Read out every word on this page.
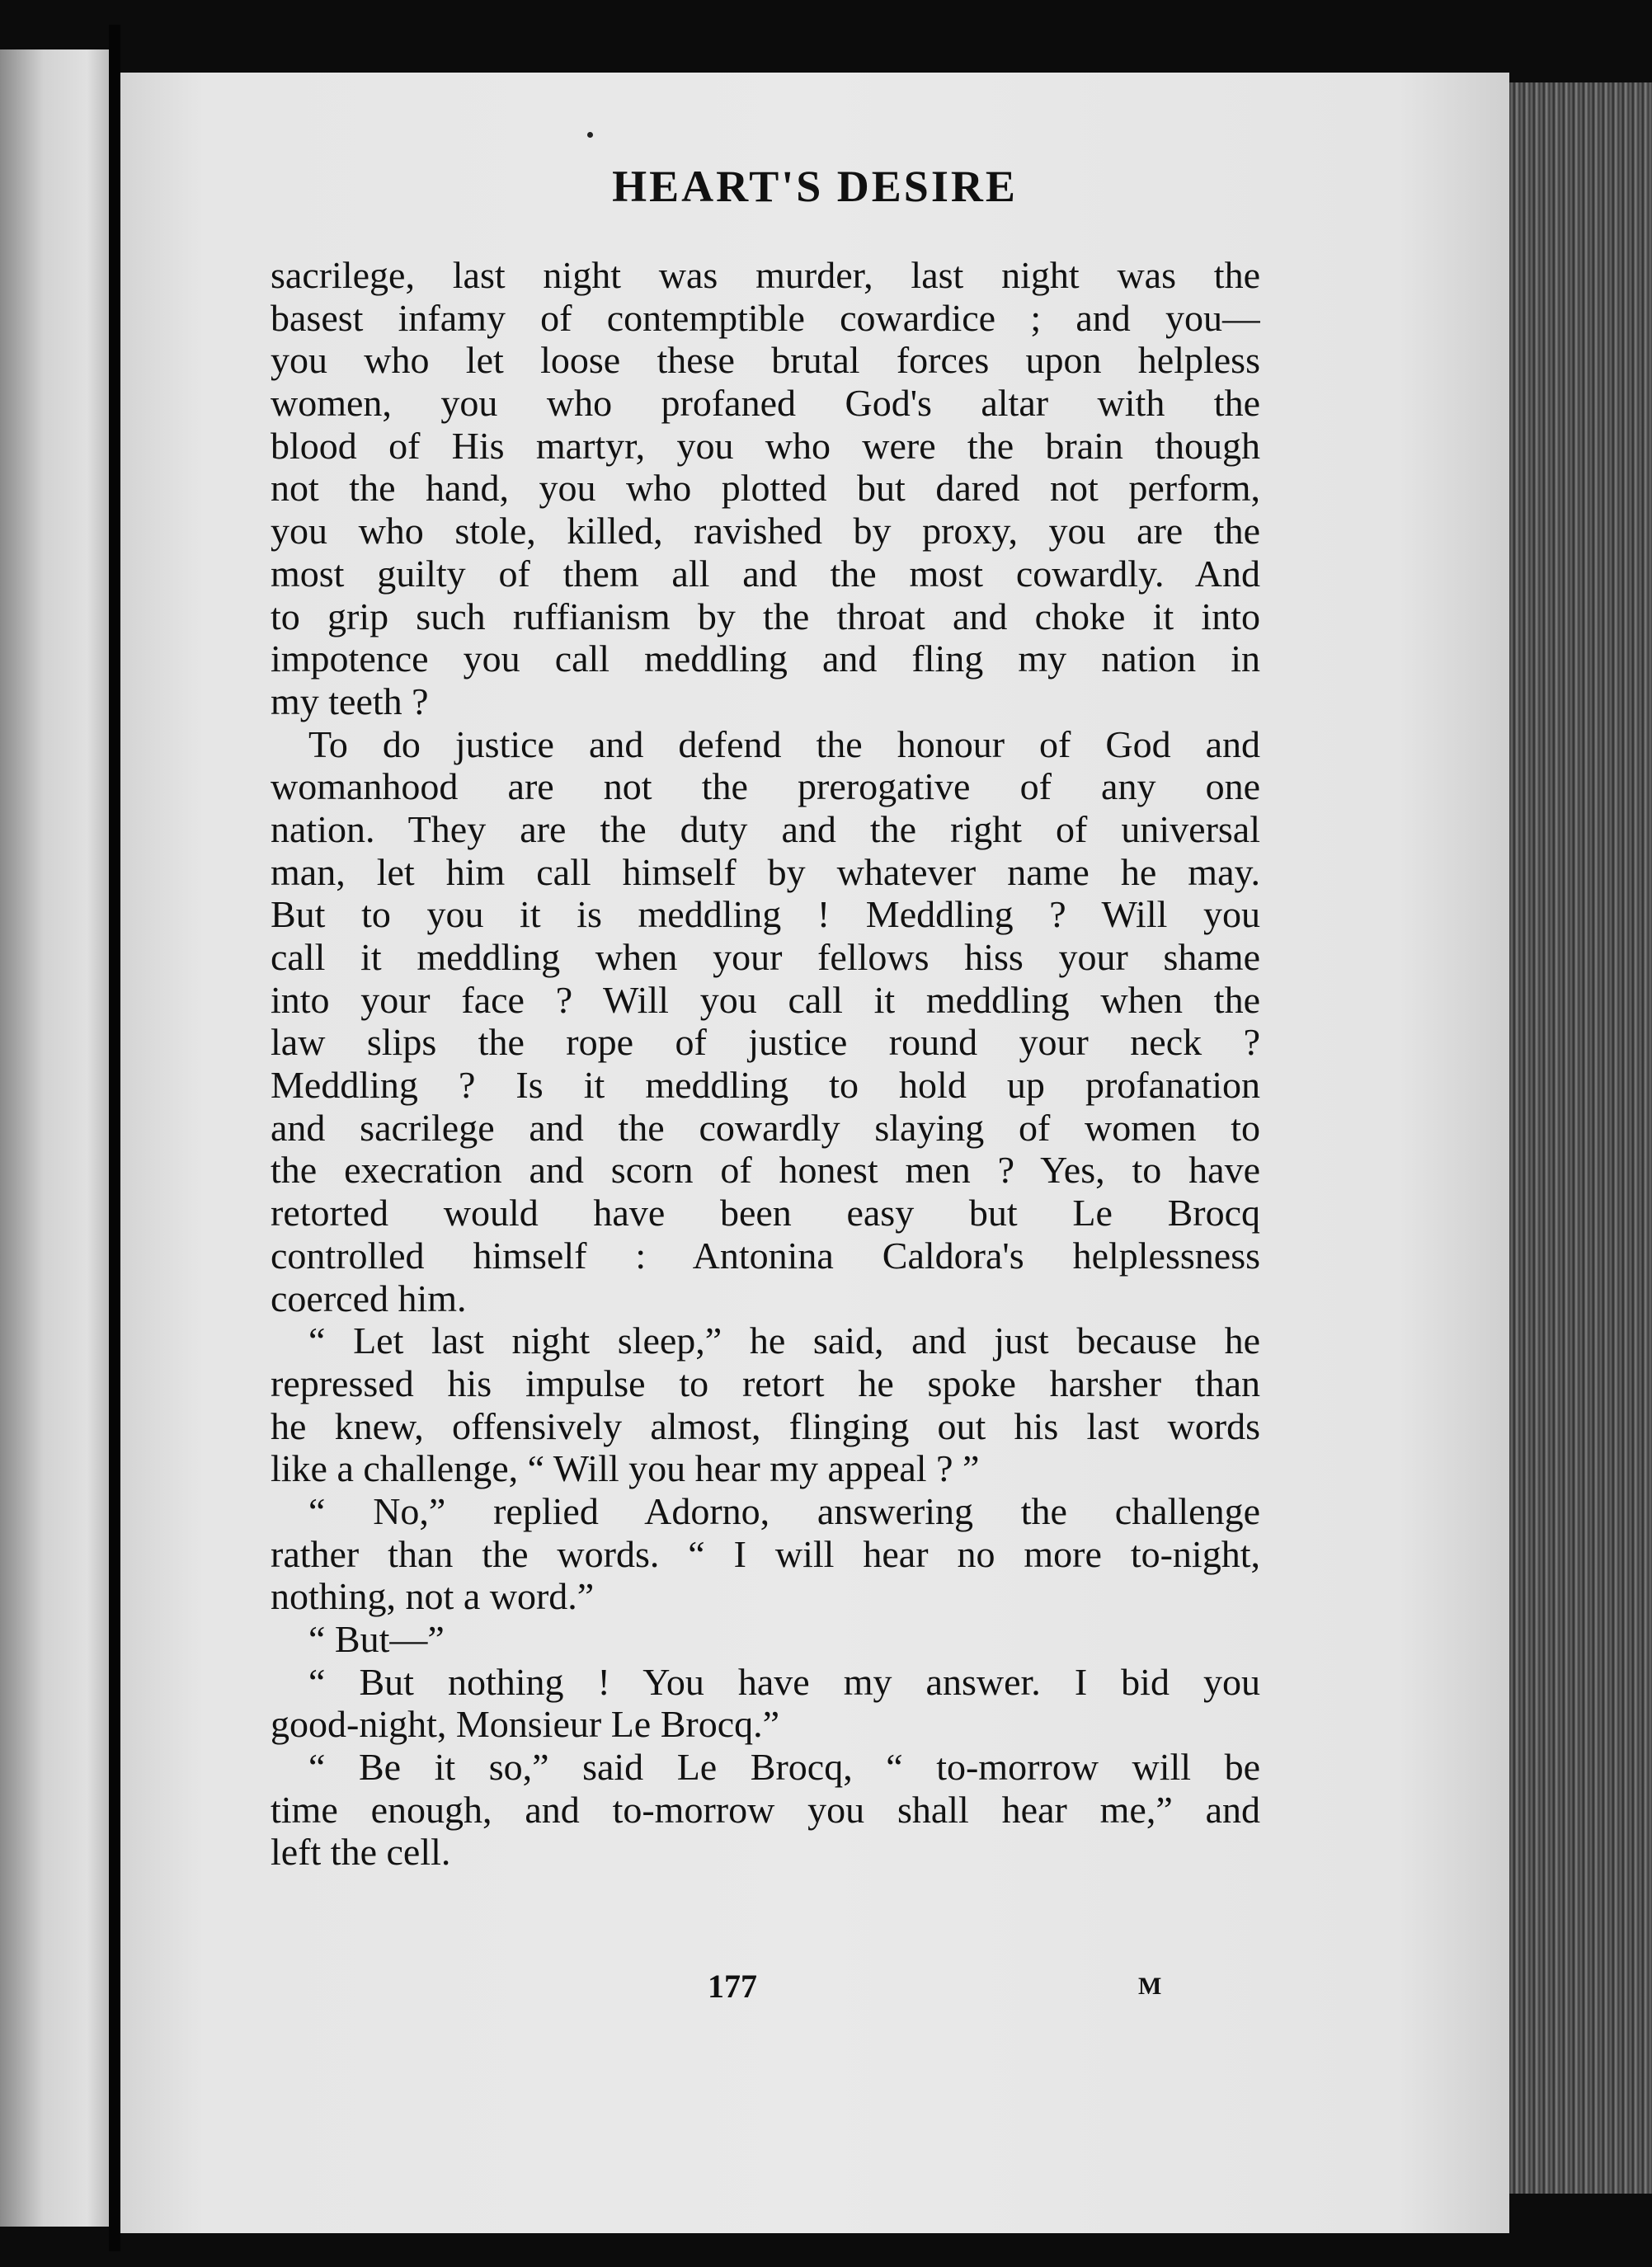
HEART'S DESIRE
sacrilege, last night was murder, last night was the
basest infamy of contemptible cowardice ; and you—
you who let loose these brutal forces upon helpless
women, you who profaned God's altar with the
blood of His martyr, you who were the brain though
not the hand, you who plotted but dared not perform,
you who stole, killed, ravished by proxy, you are the
most guilty of them all and the most cowardly. And
to grip such ruffianism by the throat and choke it into
impotence you call meddling and fling my nation in
my teeth ?
To do justice and defend the honour of God and
womanhood are not the prerogative of any one
nation. They are the duty and the right of universal
man, let him call himself by whatever name he may.
But to you it is meddling ! Meddling ? Will you
call it meddling when your fellows hiss your shame
into your face ? Will you call it meddling when the
law slips the rope of justice round your neck ?
Meddling ? Is it meddling to hold up profanation
and sacrilege and the cowardly slaying of women to
the execration and scorn of honest men ? Yes, to have
retorted would have been easy but Le Brocq
controlled himself : Antonina Caldora's helplessness
coerced him.
“ Let last night sleep,” he said, and just because he
repressed his impulse to retort he spoke harsher than
he knew, offensively almost, flinging out his last words
like a challenge, “ Will you hear my appeal ? ”
“ No,” replied Adorno, answering the challenge
rather than the words. “ I will hear no more to-night,
nothing, not a word.”
“ But—”
“ But nothing ! You have my answer. I bid you
good-night, Monsieur Le Brocq.”
“ Be it so,” said Le Brocq, “ to-morrow will be
time enough, and to-morrow you shall hear me,” and
left the cell.
177	M
